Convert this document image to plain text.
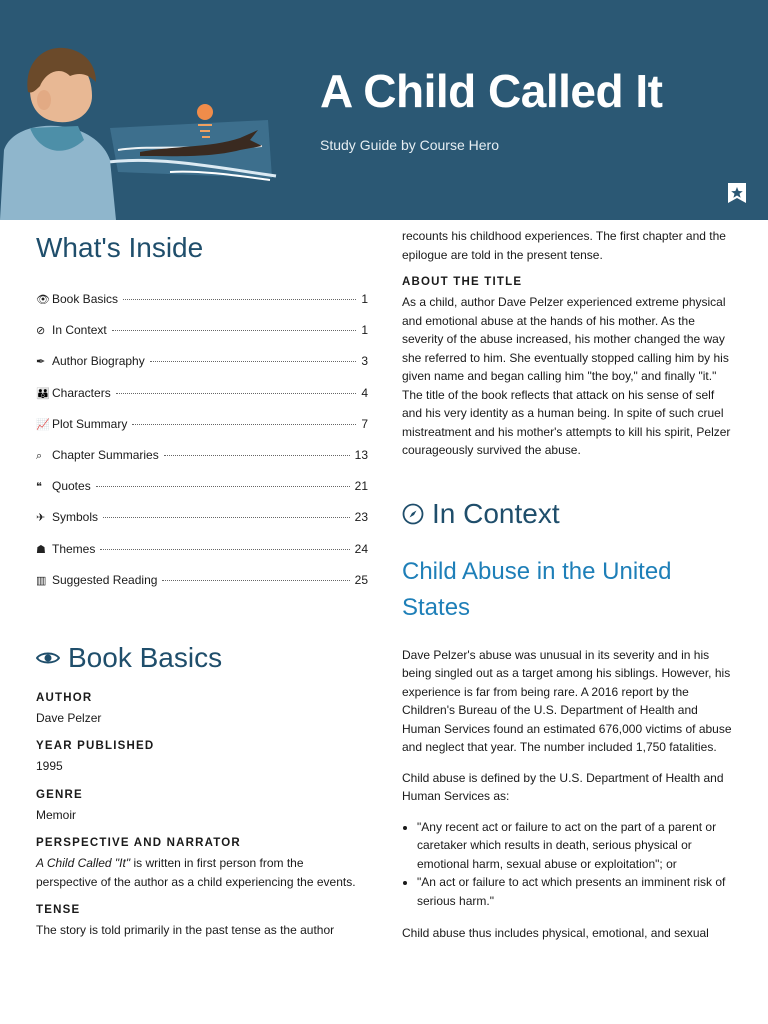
A Child Called It
Study Guide by Course Hero
What's Inside
👁 Book Basics	1
⊘ In Context	1
✒ Author Biography	3
👪 Characters	4
📈 Plot Summary	7
⌕ Chapter Summaries	13
❝ Quotes	21
✈ Symbols	23
☗ Themes	24
▥ Suggested Reading	25
Book Basics
AUTHOR
Dave Pelzer
YEAR PUBLISHED
1995
GENRE
Memoir
PERSPECTIVE AND NARRATOR
A Child Called "It" is written in first person from the perspective of the author as a child experiencing the events.
TENSE
The story is told primarily in the past tense as the author

recounts his childhood experiences. The first chapter and the epilogue are told in the present tense.

ABOUT THE TITLE

As a child, author Dave Pelzer experienced extreme physical and emotional abuse at the hands of his mother. As the severity of the abuse increased, his mother changed the way she referred to him. She eventually stopped calling him by his given name and began calling him "the boy," and finally "it." The title of the book reflects that attack on his sense of self and his very identity as a human being. In spite of such cruel mistreatment and his mother's attempts to kill his spirit, Pelzer courageously survived the abuse.

In Context
Child Abuse in the United States

Dave Pelzer's abuse was unusual in its severity and in his being singled out as a target among his siblings. However, his experience is far from being rare. A 2016 report by the Children's Bureau of the U.S. Department of Health and Human Services found an estimated 676,000 victims of abuse and neglect that year. The number included 1,750 fatalities.

Child abuse is defined by the U.S. Department of Health and Human Services as:

• "Any recent act or failure to act on the part of a parent or caretaker which results in death, serious physical or emotional harm, sexual abuse or exploitation"; or
• "An act or failure to act which presents an imminent risk of serious harm."

Child abuse thus includes physical, emotional, and sexual
